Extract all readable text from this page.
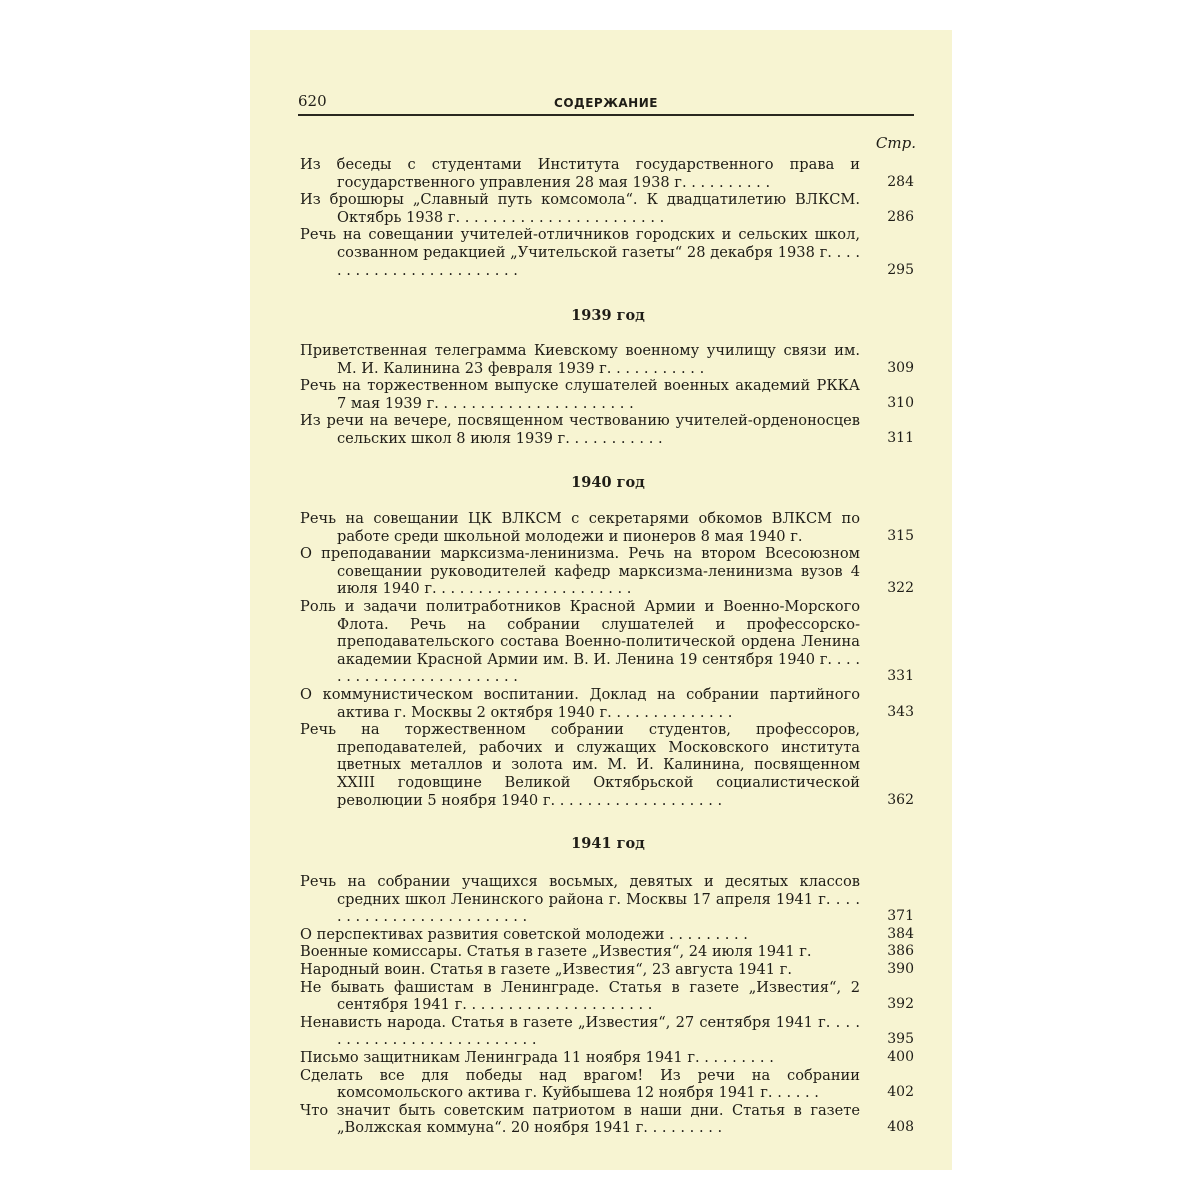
620	СОДЕРЖАНИЕ
Стр.
Из беседы с студентами Института государственного права и государственного управления 28 мая 1938 г. . . . . . . . . .	284
Из брошюры „Славный путь комсомола“. К двадцатилетию ВЛКСМ. Октябрь 1938 г. . . . . . . . . . . . . . . . . . . . . . .	286
Речь на совещании учителей-отличников городских и сельских школ, созванном редакцией „Учительской газеты“ 28 декабря 1938 г. . . . . . . . . . . . . . . . . . . . . . . .	295
1939 год
Приветственная телеграмма Киевскому военному училищу связи им. М. И. Калинина 23 февраля 1939 г. . . . . . . . . . .	309
Речь на торжественном выпуске слушателей военных академий РККА 7 мая 1939 г. . . . . . . . . . . . . . . . . . . . . .	310
Из речи на вечере, посвященном чествованию учителей-орденоносцев сельских школ 8 июля 1939 г. . . . . . . . . . .	311
1940 год
Речь на совещании ЦК ВЛКСМ с секретарями обкомов ВЛКСМ по работе среди школьной молодежи и пионеров 8 мая 1940 г.	315
О преподавании марксизма-ленинизма. Речь на втором Всесоюзном совещании руководителей кафедр марксизма-ленинизма вузов 4 июля 1940 г. . . . . . . . . . . . . . . . . . . . . .	322
Роль и задачи политработников Красной Армии и Военно-Морского Флота. Речь на собрании слушателей и профессорско-преподавательского состава Военно-политической ордена Ленина академии Красной Армии им. В. И. Ленина 19 сентября 1940 г. . . . . . . . . . . . . . . . . . . . . . . .	331
О коммунистическом воспитании. Доклад на собрании партийного актива г. Москвы 2 октября 1940 г. . . . . . . . . . . . . .	343
Речь на торжественном собрании студентов, профессоров, преподавателей, рабочих и служащих Московского института цветных металлов и золота им. М. И. Калинина, посвященном XXIII годовщине Великой Октябрьской социалистической революции 5 ноября 1940 г. . . . . . . . . . . . . . . . . . .	362
1941 год
Речь на собрании учащихся восьмых, девятых и десятых классов средних школ Ленинского района г. Москвы 17 апреля 1941 г. . . . . . . . . . . . . . . . . . . . . . . . .	371
О перспективах развития советской молодежи . . . . . . . . .	384
Военные комиссары. Статья в газете „Известия“, 24 июля 1941 г.	386
Народный воин. Статья в газете „Известия“, 23 августа 1941 г.	390
Не бывать фашистам в Ленинграде. Статья в газете „Известия“, 2 сентября 1941 г. . . . . . . . . . . . . . . . . . . . .	392
Ненависть народа. Статья в газете „Известия“, 27 сентября 1941 г. . . . . . . . . . . . . . . . . . . . . . . . . .	395
Письмо защитникам Ленинграда 11 ноября 1941 г. . . . . . . . .	400
Сделать все для победы над врагом! Из речи на собрании комсомольского актива г. Куйбышева 12 ноября 1941 г. . . . . .	402
Что значит быть советским патриотом в наши дни. Статья в газете „Волжская коммуна“. 20 ноября 1941 г. . . . . . . . .	408
